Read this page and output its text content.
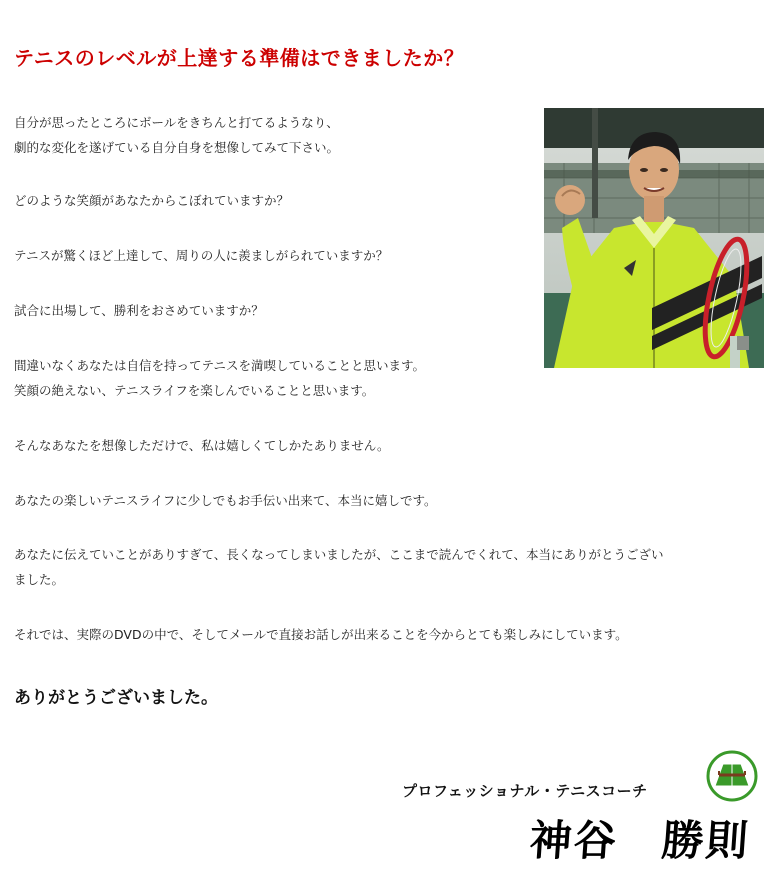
テニスのレベルが上達する準備はできましたか？

自分が思ったところにボールをきちんと打てるようなり、
劇的な変化を遂げている自分自身を想像してみて下さい。

どのような笑顔があなたからこぼれていますか？

テニスが驚くほど上達して、周りの人に羨ましがられていますか？

試合に出場して、勝利をおさめていますか？

間違いなくあなたは自信を持ってテニスを満喫していることと思います。
笑顔の絶えない、テニスライフを楽しんでいることと思います。

そんなあなたを想像しただけで、私は嬉しくてしかたありません。

あなたの楽しいテニスライフに少しでもお手伝い出来て、本当に嬉しです。

あなたに伝えていことがありすぎて、長くなってしまいましたが、ここまで読んでくれて、本当にありがとうござい
ました。

それでは、実際のDVDの中で、そしてメールで直接お話しが出来ることを今からとても楽しみにしています。

ありがとうございました。

プロフェッショナル・テニスコーチ
神谷　勝則
